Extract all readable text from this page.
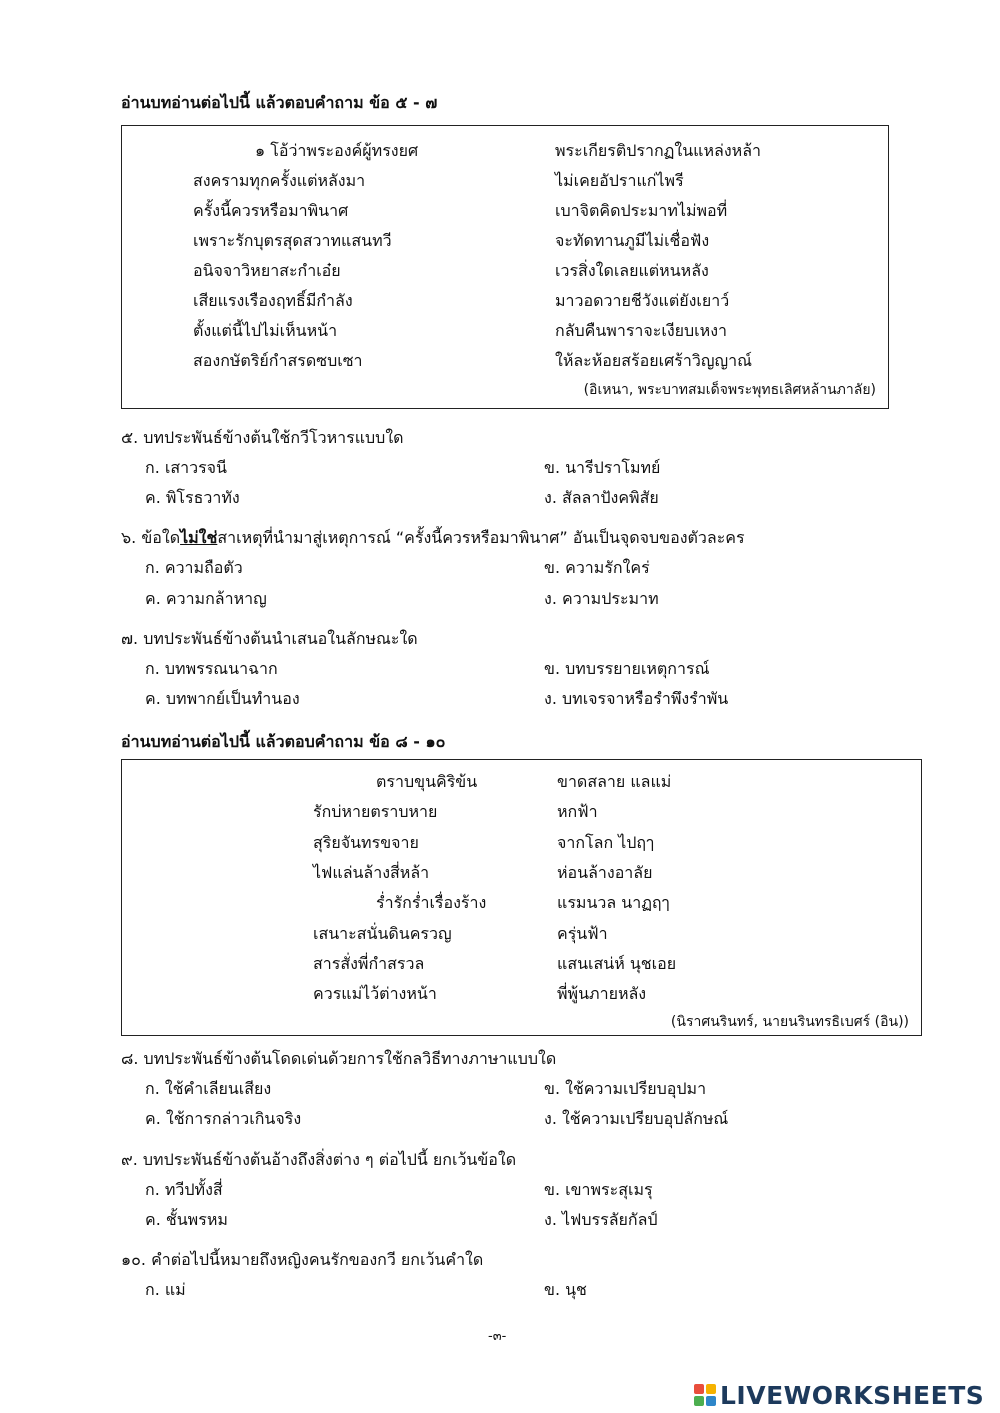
อ่านบทอ่านต่อไปนี้ แล้วตอบคำถาม ข้อ ๕ - ๗
๑ โอ้ว่าพระองค์ผู้ทรงยศ	พระเกียรติปรากฏในแหล่งหล้า
สงครามทุกครั้งแต่หลังมา	ไม่เคยอัปราแก่ไพรี
ครั้งนี้ควรหรือมาพินาศ	เบาจิตคิดประมาทไม่พอที่
เพราะรักบุตรสุดสวาทแสนทวี	จะทัดทานภูมีไม่เชื่อฟัง
อนิจจาวิหยาสะกำเอ๋ย	เวรสิ่งใดเลยแต่หนหลัง
เสียแรงเรืองฤทธิ์มีกำลัง	มาวอดวายชีวังแต่ยังเยาว์
ตั้งแต่นี้ไปไม่เห็นหน้า	กลับคืนพาราจะเงียบเหงา
สองกษัตริย์กำสรดซบเซา	ให้ละห้อยสร้อยเศร้าวิญญาณ์
(อิเหนา, พระบาทสมเด็จพระพุทธเลิศหล้านภาลัย)
๕. บทประพันธ์ข้างต้นใช้กวีโวหารแบบใด
ก. เสาวรจนี	ข. นารีปราโมทย์
ค. พิโรธวาทัง	ง. สัลลาปังคพิสัย
๖. ข้อใดไม่ใช่สาเหตุที่นำมาสู่เหตุการณ์ “ครั้งนี้ควรหรือมาพินาศ” อันเป็นจุดจบของตัวละคร
ก. ความถือตัว	ข. ความรักใคร่
ค. ความกล้าหาญ	ง. ความประมาท
๗. บทประพันธ์ข้างต้นนำเสนอในลักษณะใด
ก. บทพรรณนาฉาก	ข. บทบรรยายเหตุการณ์
ค. บทพากย์เป็นทำนอง	ง. บทเจรจาหรือรำพึงรำพัน
อ่านบทอ่านต่อไปนี้ แล้วตอบคำถาม ข้อ ๘ - ๑๐
ตราบขุนคิริข้น	ขาดสลาย แลแม่
รักบ่หายตราบหาย	หกฟ้า
สุริยจันทรขจาย	จากโลก ไปฤๅ
ไฟแล่นล้างสี่หล้า	ห่อนล้างอาลัย
ร่ำรักร่ำเรื่องร้าง	แรมนวล นาฏฤๅ
เสนาะสนั่นดินครวญ	ครุ่นฟ้า
สารสั่งพี่กำสรวล	แสนเสน่ห์ นุชเอย
ควรแม่ไว้ต่างหน้า	พี่พู้นภายหลัง
(นิราศนรินทร์, นายนรินทรธิเบศร์ (อิน))
๘. บทประพันธ์ข้างต้นโดดเด่นด้วยการใช้กลวิธีทางภาษาแบบใด
ก. ใช้คำเลียนเสียง	ข. ใช้ความเปรียบอุปมา
ค. ใช้การกล่าวเกินจริง	ง. ใช้ความเปรียบอุปลักษณ์
๙. บทประพันธ์ข้างต้นอ้างถึงสิ่งต่าง ๆ ต่อไปนี้ ยกเว้นข้อใด
ก. ทวีปทั้งสี่	ข. เขาพระสุเมรุ
ค. ชั้นพรหม	ง. ไฟบรรลัยกัลป์
๑๐. คำต่อไปนี้หมายถึงหญิงคนรักของกวี ยกเว้นคำใด
ก. แม่	ข. นุช
-๓-
LIVEWORKSHEETS
